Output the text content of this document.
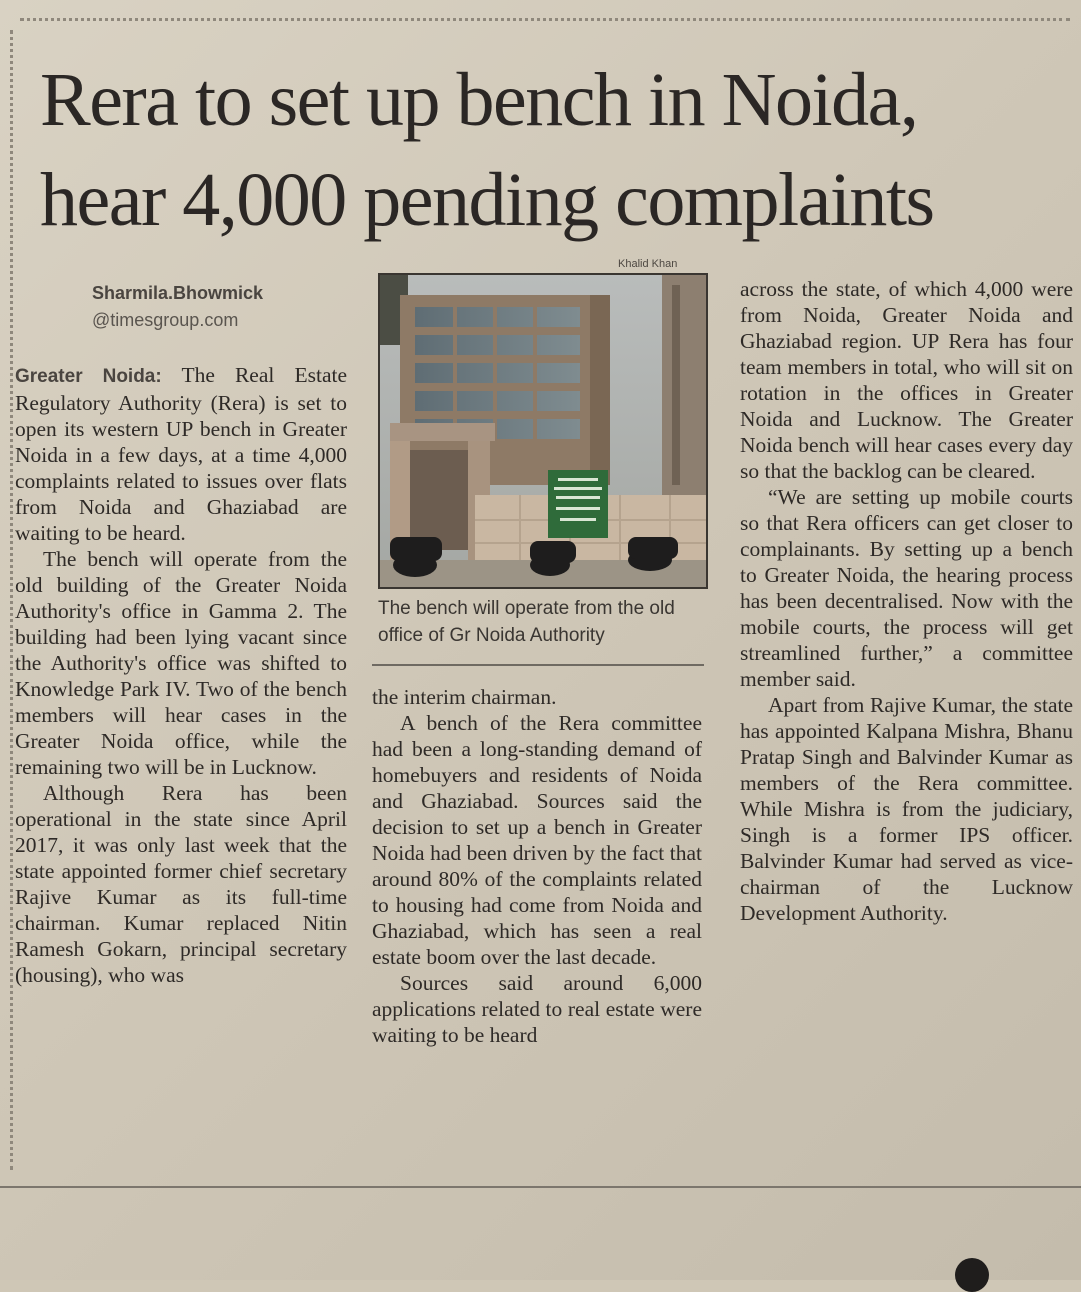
Rera to set up bench in Noida,
hear 4,000 pending complaints
Sharmila.Bhowmick
@timesgroup.com

Greater Noida: The Real Estate Regulatory Authority (Rera) is set to open its western UP bench in Greater Noida in a few days, at a time 4,000 complaints related to issues over flats from Noida and Ghaziabad are waiting to be heard.

The bench will operate from the old building of the Greater Noida Authority's office in Gamma 2. The building had been lying vacant since the Authority's office was shifted to Knowledge Park IV. Two of the bench members will hear cases in the Greater Noida office, while the remaining two will be in Lucknow.

Although Rera has been operational in the state since April 2017, it was only last week that the state appointed former chief secretary Rajive Kumar as its full-time chairman. Kumar replaced Nitin Ramesh Gokarn, principal secretary (housing), who was

Khalid Khan
The bench will operate from the old office of Gr Noida Authority

the interim chairman.

A bench of the Rera committee had been a long-standing demand of homebuyers and residents of Noida and Ghaziabad. Sources said the decision to set up a bench in Greater Noida had been driven by the fact that around 80% of the complaints related to housing had come from Noida and Ghaziabad, which has seen a real estate boom over the last decade.

Sources said around 6,000 applications related to real estate were waiting to be heard

across the state, of which 4,000 were from Noida, Greater Noida and Ghaziabad region. UP Rera has four team members in total, who will sit on rotation in the offices in Greater Noida and Lucknow. The Greater Noida bench will hear cases every day so that the backlog can be cleared.

“We are setting up mobile courts so that Rera officers can get closer to complainants. By setting up a bench to Greater Noida, the hearing process has been decentralised. Now with the mobile courts, the process will get streamlined further,” a committee member said.

Apart from Rajive Kumar, the state has appointed Kalpana Mishra, Bhanu Pratap Singh and Balvinder Kumar as members of the Rera committee. While Mishra is from the judiciary, Singh is a former IPS officer. Balvinder Kumar had served as vice-chairman of the Lucknow Development Authority.
